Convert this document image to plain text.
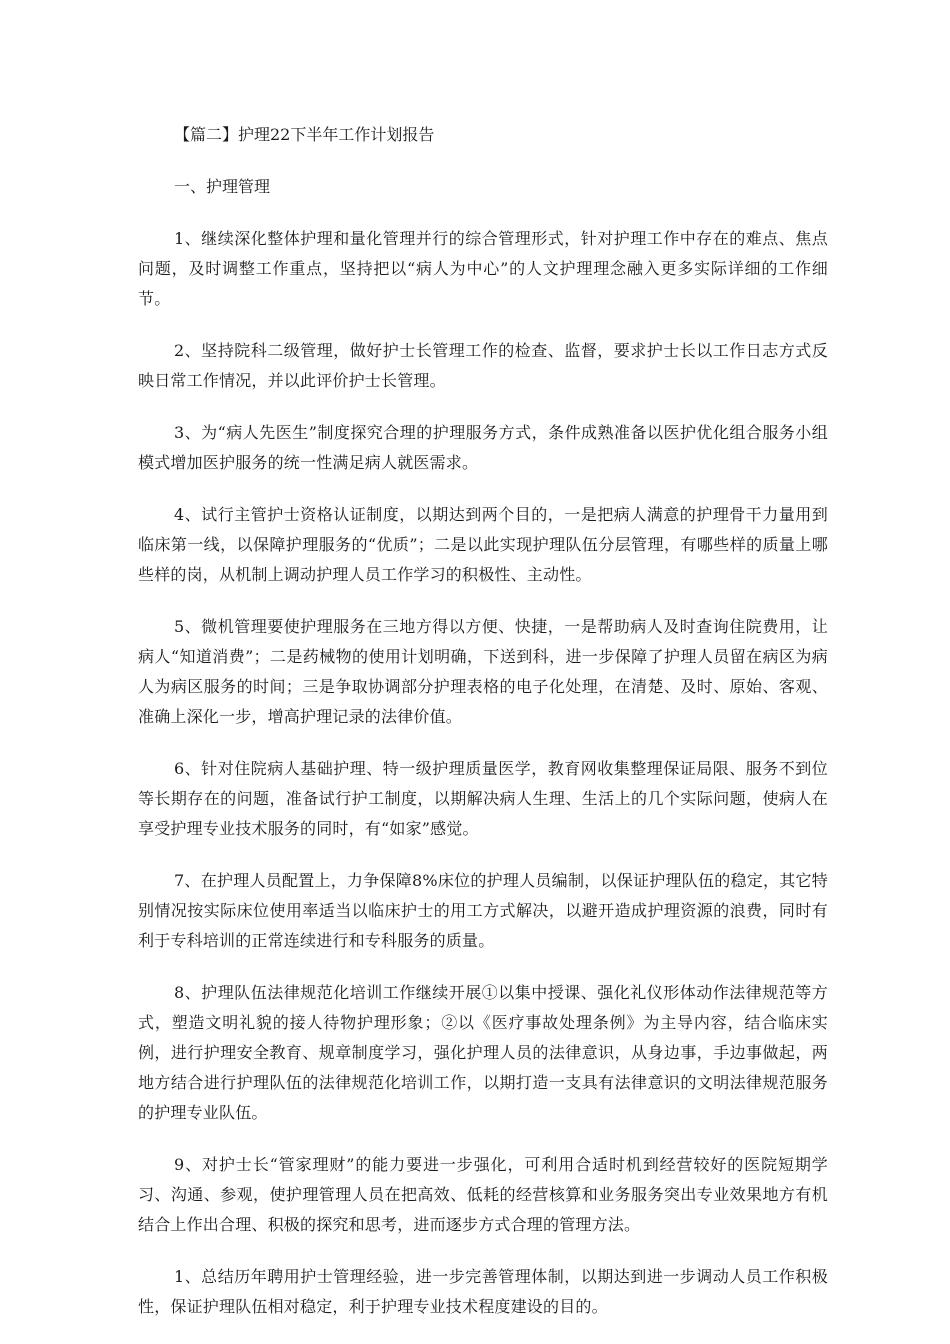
【篇二】护理22下半年工作计划报告
一、护理管理

1、继续深化整体护理和量化管理并行的综合管理形式，针对护理工作中存在的难点、焦点问题，及时调整工作重点，坚持把以“病人为中心”的人文护理理念融入更多实际详细的工作细节。

2、坚持院科二级管理，做好护士长管理工作的检查、监督，要求护士长以工作日志方式反映日常工作情况，并以此评价护士长管理。

3、为“病人先医生”制度探究合理的护理服务方式，条件成熟准备以医护优化组合服务小组模式增加医护服务的统一性满足病人就医需求。

4、试行主管护士资格认证制度，以期达到两个目的，一是把病人满意的护理骨干力量用到临床第一线，以保障护理服务的“优质”；二是以此实现护理队伍分层管理，有哪些样的质量上哪些样的岗，从机制上调动护理人员工作学习的积极性、主动性。

5、微机管理要使护理服务在三地方得以方便、快捷，一是帮助病人及时查询住院费用，让病人“知道消费”；二是药械物的使用计划明确，下送到科，进一步保障了护理人员留在病区为病人为病区服务的时间；三是争取协调部分护理表格的电子化处理，在清楚、及时、原始、客观、准确上深化一步，增高护理记录的法律价值。

6、针对住院病人基础护理、特一级护理质量医学，教育网收集整理保证局限、服务不到位等长期存在的问题，准备试行护工制度，以期解决病人生理、生活上的几个实际问题，使病人在享受护理专业技术服务的同时，有“如家”感觉。

7、在护理人员配置上，力争保障8%床位的护理人员编制，以保证护理队伍的稳定，其它特别情况按实际床位使用率适当以临床护士的用工方式解决，以避开造成护理资源的浪费，同时有利于专科培训的正常连续进行和专科服务的质量。

8、护理队伍法律规范化培训工作继续开展①以集中授课、强化礼仪形体动作法律规范等方式，塑造文明礼貌的接人待物护理形象；②以《医疗事故处理条例》为主导内容，结合临床实例，进行护理安全教育、规章制度学习，强化护理人员的法律意识，从身边事，手边事做起，两地方结合进行护理队伍的法律规范化培训工作，以期打造一支具有法律意识的文明法律规范服务的护理专业队伍。

9、对护士长“管家理财”的能力要进一步强化，可利用合适时机到经营较好的医院短期学习、沟通、参观，使护理管理人员在把高效、低耗的经营核算和业务服务突出专业效果地方有机结合上作出合理、积极的探究和思考，进而逐步方式合理的管理方法。

1、总结历年聘用护士管理经验，进一步完善管理体制，以期达到进一步调动人员工作积极性，保证护理队伍相对稳定，利于护理专业技术程度建设的目的。
